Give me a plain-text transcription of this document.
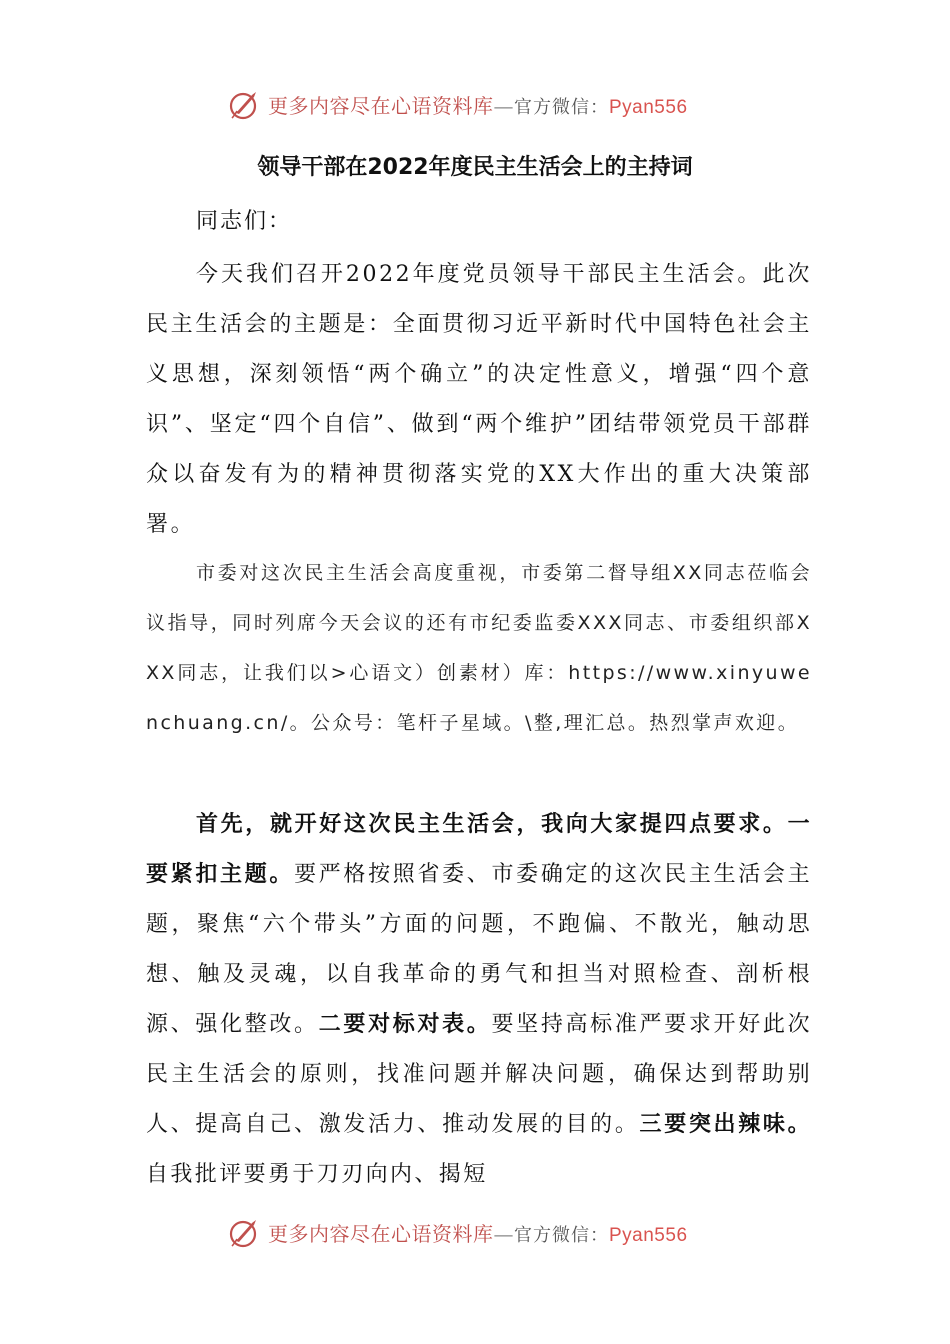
更多内容尽在心语资料库—官方微信：Pyan556
领导干部在2022年度民主生活会上的主持词
同志们：

今天我们召开2022年度党员领导干部民主生活会。此次民主生活会的主题是：全面贯彻习近平新时代中国特色社会主义思想，深刻领悟“两个确立”的决定性意义，增强“四个意识”、坚定“四个自信”、做到“两个维护”团结带领党员干部群众以奋发有为的精神贯彻落实党的XX大作出的重大决策部署。

市委对这次民主生活会高度重视，市委第二督导组XX同志莅临会议指导，同时列席今天会议的还有市纪委监委XXX同志、市委组织部XXX同志，让我们以>心语文）创素材）库：https://www.xinyuwenchuang.cn/。公众号：笔杆子星域。\整,理汇总。热烈掌声欢迎。

首先，就开好这次民主生活会，我向大家提四点要求。一要紧扣主题。要严格按照省委、市委确定的这次民主生活会主题，聚焦“六个带头”方面的问题，不跑偏、不散光，触动思想、触及灵魂，以自我革命的勇气和担当对照检查、剖析根源、强化整改。二要对标对表。要坚持高标准严要求开好此次民主生活会的原则，找准问题并解决问题，确保达到帮助别人、提高自己、激发活力、推动发展的目的。三要突出辣味。自我批评要勇于刀刃向内、揭短

更多内容尽在心语资料库—官方微信：Pyan556
